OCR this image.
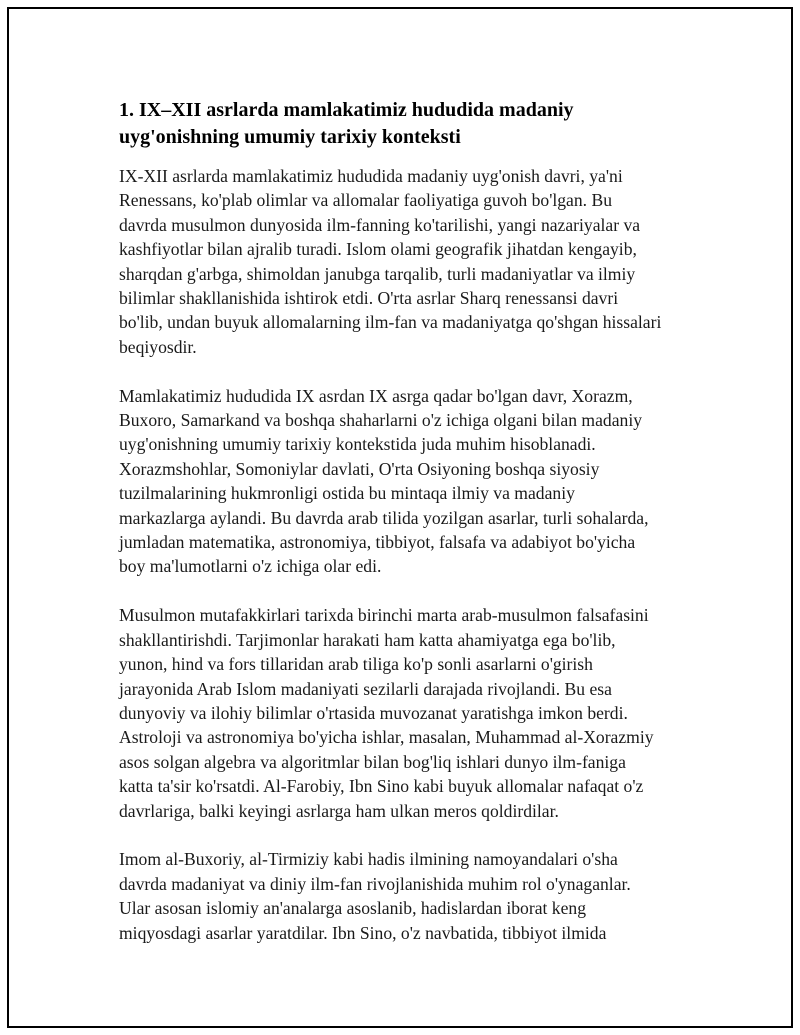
1. IX–XII asrlarda mamlakatimiz hududida madaniy
uyg'onishning umumiy tarixiy konteksti

IX-XII asrlarda mamlakatimiz hududida madaniy uyg'onish davri, ya'ni
Renessans, ko'plab olimlar va allomalar faoliyatiga guvoh bo'lgan. Bu
davrda musulmon dunyosida ilm-fanning ko'tarilishi, yangi nazariyalar va
kashfiyotlar bilan ajralib turadi. Islom olami geografik jihatdan kengayib,
sharqdan g'arbga, shimoldan janubga tarqalib, turli madaniyatlar va ilmiy
bilimlar shakllanishida ishtirok etdi. O'rta asrlar Sharq renessansi davri
bo'lib, undan buyuk allomalarning ilm-fan va madaniyatga qo'shgan hissalari
beqiyosdir.

Mamlakatimiz hududida IX asrdan IX asrga qadar bo'lgan davr, Xorazm,
Buxoro, Samarkand va boshqa shaharlarni o'z ichiga olgani bilan madaniy
uyg'onishning umumiy tarixiy kontekstida juda muhim hisoblanadi.
Xorazmshohlar, Somoniylar davlati, O'rta Osiyoning boshqa siyosiy
tuzilmalarining hukmronligi ostida bu mintaqa ilmiy va madaniy
markazlarga aylandi. Bu davrda arab tilida yozilgan asarlar, turli sohalarda,
jumladan matematika, astronomiya, tibbiyot, falsafa va adabiyot bo'yicha
boy ma'lumotlarni o'z ichiga olar edi.

Musulmon mutafakkirlari tarixda birinchi marta arab-musulmon falsafasini
shakllantirishdi. Tarjimonlar harakati ham katta ahamiyatga ega bo'lib,
yunon, hind va fors tillaridan arab tiliga ko'p sonli asarlarni o'girish
jarayonida Arab Islom madaniyati sezilarli darajada rivojlandi. Bu esa
dunyoviy va ilohiy bilimlar o'rtasida muvozanat yaratishga imkon berdi.
Astroloji va astronomiya bo'yicha ishlar, masalan, Muhammad al-Xorazmiy
asos solgan algebra va algoritmlar bilan bog'liq ishlari dunyo ilm-faniga
katta ta'sir ko'rsatdi. Al-Farobiy, Ibn Sino kabi buyuk allomalar nafaqat o'z
davrlariga, balki keyingi asrlarga ham ulkan meros qoldirdilar.

Imom al-Buxoriy, al-Tirmiziy kabi hadis ilmining namoyandalari o'sha
davrda madaniyat va diniy ilm-fan rivojlanishida muhim rol o'ynaganlar.
Ular asosan islomiy an'analarga asoslanib, hadislardan iborat keng
miqyosdagi asarlar yaratdilar. Ibn Sino, o'z navbatida, tibbiyot ilmida
